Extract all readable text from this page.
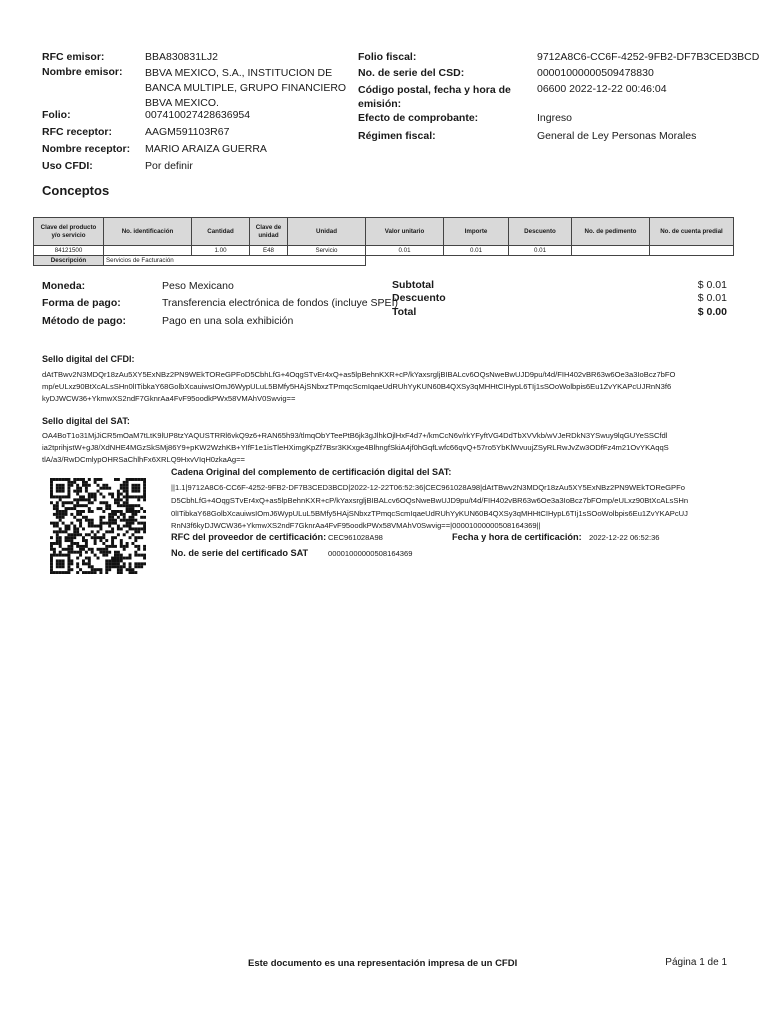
RFC emisor:	BBA830831LJ2
Nombre emisor:	BBVA MEXICO, S.A., INSTITUCION DE
BANCA MULTIPLE, GRUPO FINANCIERO
BBVA MEXICO.
Folio:	007410027428636954
RFC receptor:	AAGM591103R67
Nombre receptor:	MARIO ARAIZA GUERRA
Uso CFDI:	Por definir
Folio fiscal:	9712A8C6-CC6F-4252-9FB2-DF7B3CED3BCD
No. de serie del CSD:	00001000000509478830
Código postal, fecha y hora de
emisión:
06600 2022-12-22 00:46:04
Efecto de comprobante:	Ingreso
Régimen fiscal:	General de Ley Personas Morales
Conceptos
Clave del producto y/o servicio	No. identificación	Cantidad	Clave de unidad	Unidad	Valor unitario	Importe	Descuento	No. de pedimento	No. de cuenta predial
84121500		1.00	E48	Servicio	0.01	0.01	0.01		
Descripción	Servicios de Facturación								
Moneda:	Peso Mexicano
Forma de pago:	Transferencia electrónica de fondos (incluye SPEI)
Método de pago:	Pago en una sola exhibición
Subtotal	$ 0.01
Descuento	$ 0.01
Total	$ 0.00
Sello digital del CFDI:
dAtTBwv2N3MDQr18zAu5XY5ExNBz2PN9WEkTOReGPFoD5CbhLfG+4OqgSTvEr4xQ+as5lpBehnKXR+cP/kYaxsrgljBIBALcv6OQsNweBwUJD9pu/t4d/FIH402vBR63w6Oe3a3IoBcz7bFO
mp/eULxz90BtXcALsSHn0lITibkaY68GolbXcauiwsIOmJ6WypULuL5BMfy5HAjSNbxzTPmqcScmIqaeUdRUhYyKUN60B4QXSy3qMHHtCIHypL6TIj1sSOoWolbpis6Eu1ZvYKAPcUJRnN3f6
kyDJWCW36+YkmwXS2ndF7GknrAa4FvF95oodkPWx58VMAhV0Swvig==
Sello digital del SAT:
OA4BoT1o31MjJiCR5mOaM7tLtK9lUP8tzYAQUSTRRl6vkQ9z6+RAN65h93/tlmqObYTeePtB6jk3gJlhkOjlHxF4d7+/kmCcN6v/rkYFyftVG4DdTbXVVkb/wVJeRDkN3YSwuy9lqGUYeSSCfdl
ia2tprihjstW+gJ8/XdNHE4MGzSkSMj86Y9+pKW2WzhKB+YIfF1e1isTleHXimgKpZf7Bsr3KKxge4BlhngfSkiA4jf0hGqfLwfc66qvQ+57ro5YbKlWvuujZSyRLRwJvZw3ODfFz4m21OvYKAqqS
tlA/a3/RwDCmlypOHRSaChlhFx6XRLQ9HxvVIqH0zkaAg==
Cadena Original del complemento de certificación digital del SAT:
||1.1|9712A8C6-CC6F-4252-9FB2-DF7B3CED3BCD|2022-12-22T06:52:36|CEC961028A98|dAtTBwv2N3MDQr18zAu5XY5ExNBz2PN9WEkTOReGPFo
D5CbhLfG+4OqgSTvEr4xQ+as5lpBehnKXR+cP/kYaxsrgljBIBALcv6OQsNweBwUJD9pu/t4d/FIH402vBR63w6Oe3a3IoBcz7bFOmp/eULxz90BtXcALsSHn
0lITibkaY68GolbXcauiwsIOmJ6WypULuL5BMfy5HAjSNbxzTPmqcScmIqaeUdRUhYyKUN60B4QXSy3qMHHtCIHypL6TIj1sSOoWolbpis6Eu1ZvYKAPcUJ
RnN3f6kyDJWCW36+YkmwXS2ndF7GknrAa4FvF95oodkPWx58VMAhV0Swvig==|00001000000508164369||
RFC del proveedor de certificación: CEC961028A98	Fecha y hora de certificación: 2022-12-22 06:52:36
No. de serie del certificado SAT	00001000000508164369
Este documento es una representación impresa de un CFDI	Página 1 de 1
